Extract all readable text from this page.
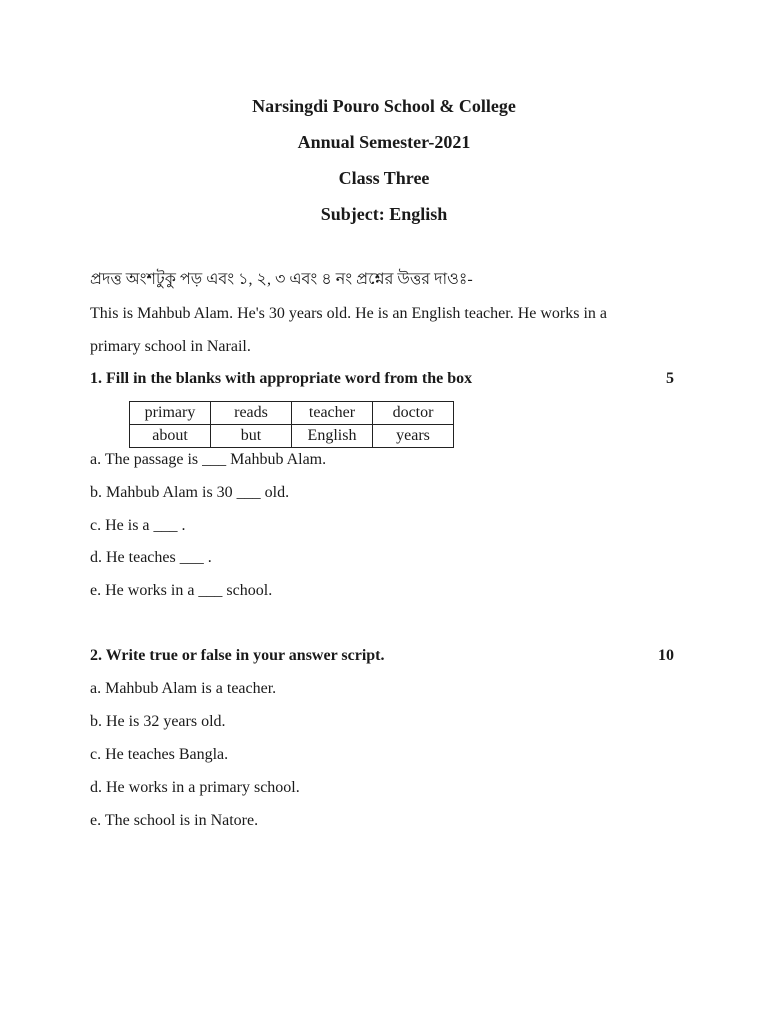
Narsingdi Pouro School & College
Annual Semester-2021
Class Three
Subject: English
প্রদত্ত অংশটুকু পড় এবং ১, ২, ৩ এবং ৪ নং প্রশ্নের উত্তর দাওঃ-
This is Mahbub Alam. He's 30 years old. He is an English teacher. He works in a
primary school in Narail.
1. Fill in the blanks with appropriate word from the box	5
primary	reads	teacher	doctor
about	but	English	years
a. The passage is ___ Mahbub Alam.
b. Mahbub Alam is 30 ___ old.
c. He is a ___ .
d. He teaches ___ .
e. He works in a ___ school.
2. Write true or false in your answer script.	10
a. Mahbub Alam is a teacher.
b. He is 32 years old.
c. He teaches Bangla.
d. He works in a primary school.
e. The school is in Natore.
